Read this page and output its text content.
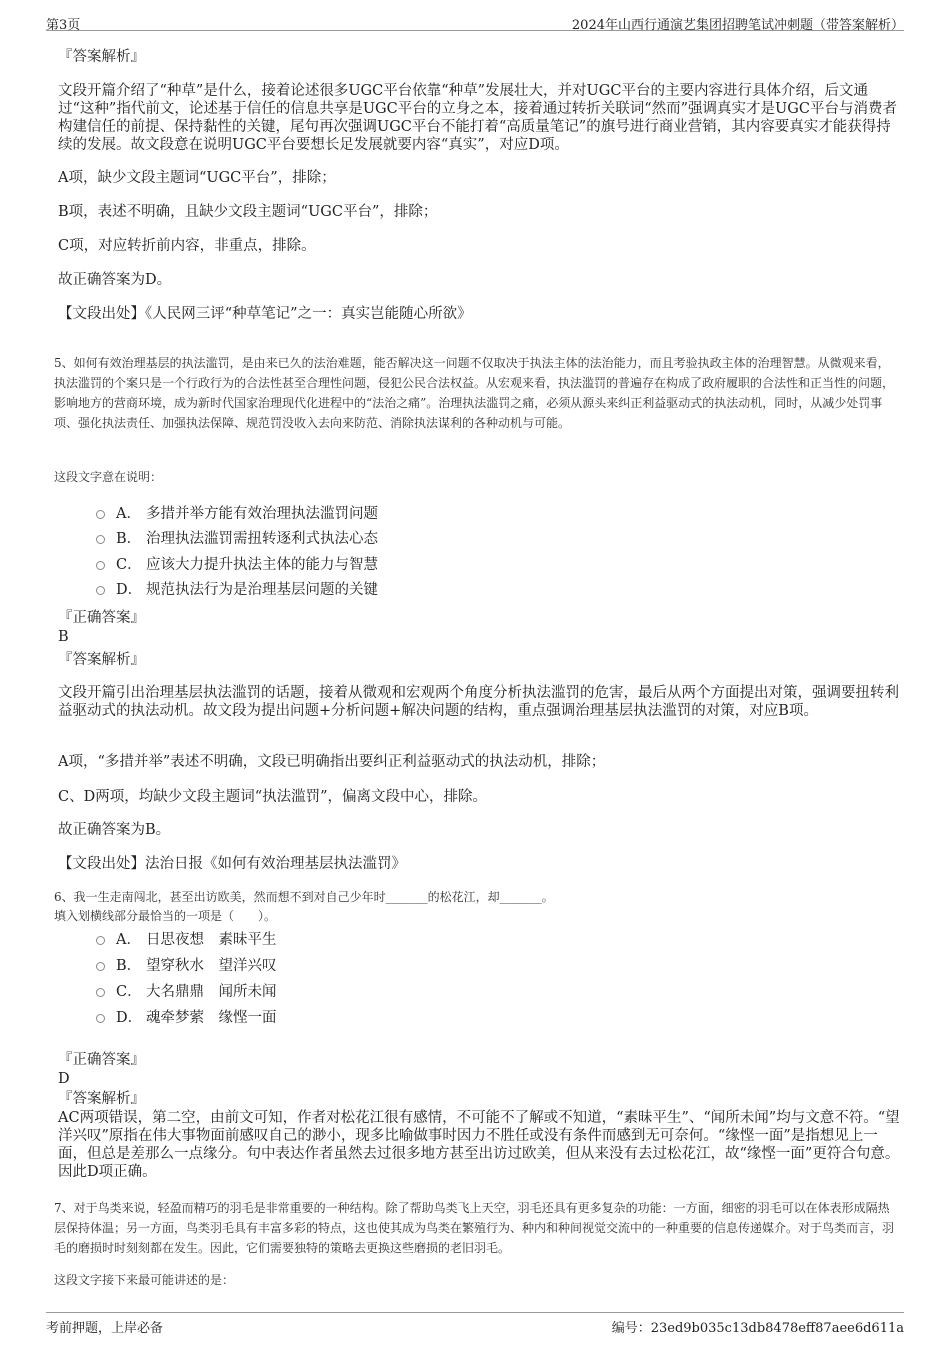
第3页	2024年山西行通演艺集团招聘笔试冲刺题（带答案解析）

『答案解析』

文段开篇介绍了“种草”是什么，接着论述很多UGC平台依靠“种草”发展壮大，并对UGC平台的主要内容进行具体介绍，后文通过“这种”指代前文，论述基于信任的信息共享是UGC平台的立身之本，接着通过转折关联词“然而”强调真实才是UGC平台与消费者构建信任的前提、保持黏性的关键，尾句再次强调UGC平台不能打着“高质量笔记”的旗号进行商业营销，其内容要真实才能获得持续的发展。故文段意在说明UGC平台要想长足发展就要内容“真实”，对应D项。

A项，缺少文段主题词“UGC平台”，排除；

B项，表述不明确，且缺少文段主题词“UGC平台”，排除；

C项，对应转折前内容，非重点，排除。

故正确答案为D。

【文段出处】《人民网三评“种草笔记”之一：真实岂能随心所欲》

5、如何有效治理基层的执法滥罚，是由来已久的法治难题，能否解决这一问题不仅取决于执法主体的法治能力，而且考验执政主体的治理智慧。从微观来看，执法滥罚的个案只是一个行政行为的合法性甚至合理性问题，侵犯公民合法权益。从宏观来看，执法滥罚的普遍存在构成了政府履职的合法性和正当性的问题，影响地方的营商环境，成为新时代国家治理现代化进程中的“法治之痛”。治理执法滥罚之痛，必须从源头来纠正利益驱动式的执法动机，同时，从减少处罚事项、强化执法责任、加强执法保障、规范罚没收入去向来防范、消除执法谋利的各种动机与可能。

这段文字意在说明：

A． 多措并举方能有效治理执法滥罚问题
B． 治理执法滥罚需扭转逐利式执法心态
C． 应该大力提升执法主体的能力与智慧
D． 规范执法行为是治理基层问题的关键

『正确答案』

B

『答案解析』

文段开篇引出治理基层执法滥罚的话题，接着从微观和宏观两个角度分析执法滥罚的危害，最后从两个方面提出对策，强调要扭转利益驱动式的执法动机。故文段为提出问题+分析问题+解决问题的结构，重点强调治理基层执法滥罚的对策，对应B项。

A项，“多措并举”表述不明确，文段已明确指出要纠正利益驱动式的执法动机，排除；

C、D两项，均缺少文段主题词“执法滥罚”，偏离文段中心，排除。

故正确答案为B。

【文段出处】法治日报《如何有效治理基层执法滥罚》

6、我一生走南闯北，甚至出访欧美，然而想不到对自己少年时_______的松花江，却_______。

填入划横线部分最恰当的一项是（　　）。

A． 日思夜想　素昧平生
B． 望穿秋水　望洋兴叹
C． 大名鼎鼎　闻所未闻
D． 魂牵梦萦　缘悭一面

『正确答案』

D

『答案解析』

AC两项错误，第二空，由前文可知，作者对松花江很有感情，不可能不了解或不知道，“素昧平生”、“闻所未闻”均与文意不符。“望洋兴叹”原指在伟大事物面前感叹自己的渺小，现多比喻做事时因力不胜任或没有条件而感到无可奈何。“缘悭一面”是指想见上一面，但总是差那么一点缘分。句中表达作者虽然去过很多地方甚至出访过欧美，但从来没有去过松花江，故“缘悭一面”更符合句意。因此D项正确。

7、对于鸟类来说，轻盈而精巧的羽毛是非常重要的一种结构。除了帮助鸟类飞上天空，羽毛还具有更多复杂的功能：一方面，细密的羽毛可以在体表形成隔热层保持体温；另一方面，鸟类羽毛具有丰富多彩的特点，这也使其成为鸟类在繁殖行为、种内和种间视觉交流中的一种重要的信息传递媒介。对于鸟类而言，羽毛的磨损时时刻刻都在发生。因此，它们需要独特的策略去更换这些磨损的老旧羽毛。

这段文字接下来最可能讲述的是：

考前押题，上岸必备	编号：23ed9b035c13db8478eff87aee6d611a
